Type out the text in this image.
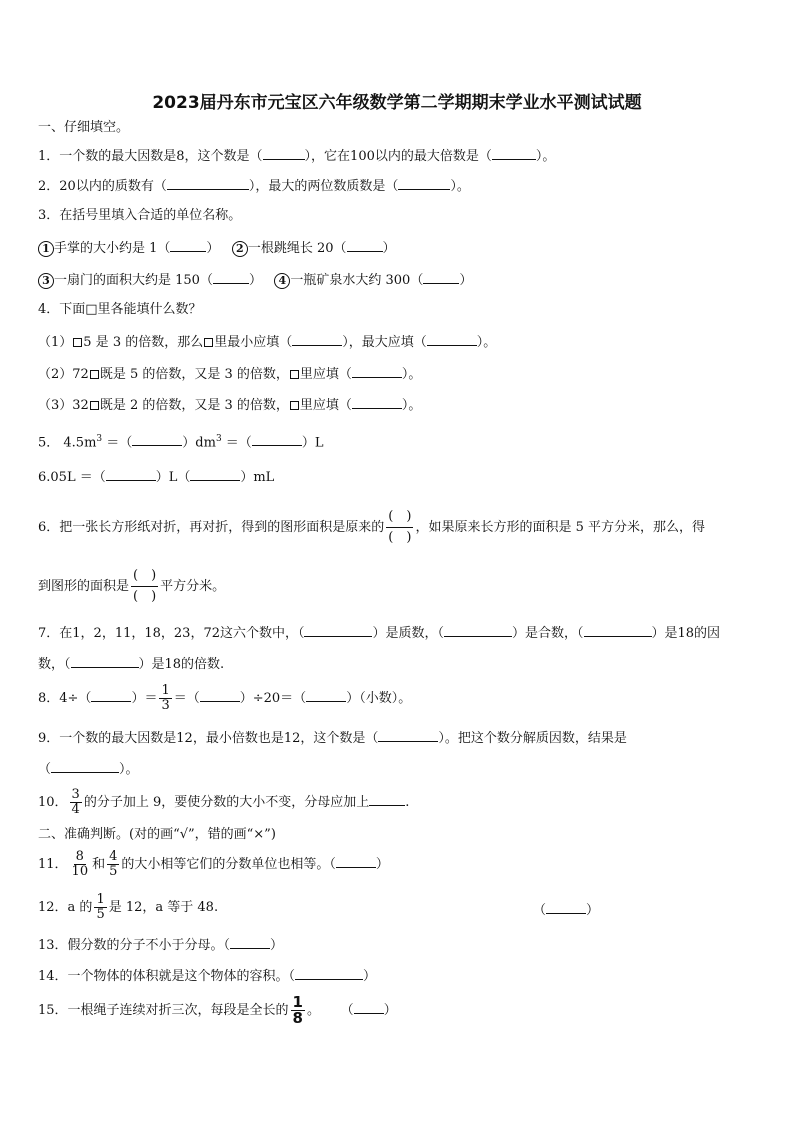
2023届丹东市元宝区六年级数学第二学期期末学业水平测试试题
一、仔细填空。
1．一个数的最大因数是8，这个数是（	），它在100以内的最大倍数是（	）。
2．20以内的质数有（	），最大的两位数质数是（	）。
3．在括号里填入合适的单位名称。
1 手掌的大小约是 1（	） 2 一根跳绳长 20（	）
3 一扇门的面积大约是 150（	） 4 一瓶矿泉水大约 300（	）
4．下面□里各能填什么数？
（1） 5 是 3 的倍数，那么 里最小应填（	），最大应填（	）。
（2）72 既是 5 的倍数，又是 3 的倍数， 里应填（	）。
（3）32 既是 2 的倍数，又是 3 的倍数， 里应填（	）。
5． $4.5m^3$ ＝（	）$dm^3$ ＝（	）L
6.05L ＝（	）L（	）mL
6．把一张长方形纸对折，再对折，得到的图形面积是原来的 $\frac{( )}{( )}$ ，如果原来长方形的面积是 5 平方分米，那么，得
到图形的面积是 $\frac{( )}{( )}$ 平方分米。
7．在1，2，11，18，23，72这六个数中，（	）是质数，（	）是合数，（	）是18的因
数，（	）是18的倍数.
8．4÷（	）＝ $\frac{1}{3}$ ＝（	）÷20＝（	）（小数）。
9．一个数的最大因数是12，最小倍数也是12，这个数是（	）。把这个数分解质因数，结果是
（	）。
10． $\frac{3}{4}$ 的分子加上 9，要使分数的大小不变，分母应加上	.
二、准确判断。(对的画“√”，错的画“×”)
11． $\frac{8}{10}$ 和 $\frac{4}{5}$ 的大小相等它们的分数单位也相等。（	）
12．a 的 $\frac{1}{5}$ 是 12，a 等于 48.	（	）
13．假分数的分子不小于分母。（	）
14．一个物体的体积就是这个物体的容积。（	）
15．一根绳子连续对折三次，每段是全长的 $\frac{1}{8}$ 。 （ ）
